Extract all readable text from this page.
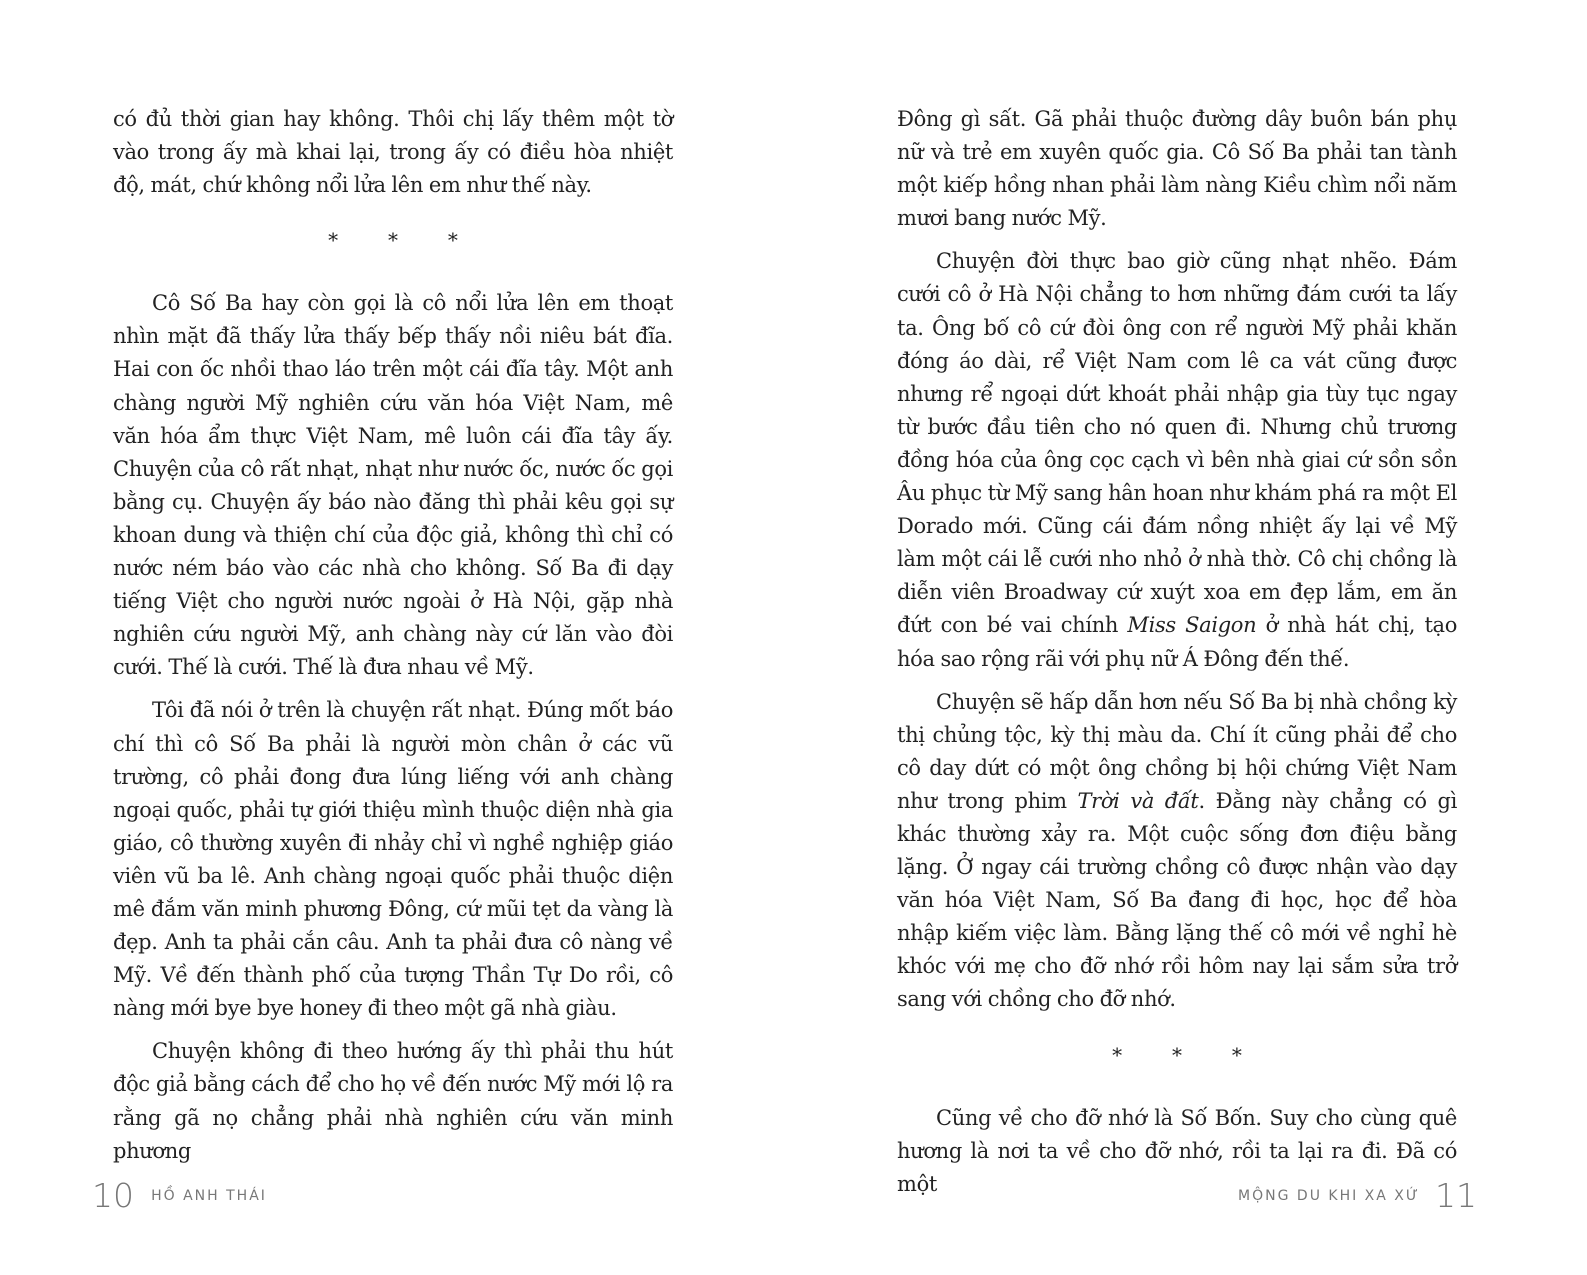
có đủ thời gian hay không. Thôi chị lấy thêm một tờ vào trong ấy mà khai lại, trong ấy có điều hòa nhiệt độ, mát, chứ không nổi lửa lên em như thế này.

* * *

Cô Số Ba hay còn gọi là cô nổi lửa lên em thoạt nhìn mặt đã thấy lửa thấy bếp thấy nồi niêu bát đĩa. Hai con ốc nhồi thao láo trên một cái đĩa tây. Một anh chàng người Mỹ nghiên cứu văn hóa Việt Nam, mê văn hóa ẩm thực Việt Nam, mê luôn cái đĩa tây ấy. Chuyện của cô rất nhạt, nhạt như nước ốc, nước ốc gọi bằng cụ. Chuyện ấy báo nào đăng thì phải kêu gọi sự khoan dung và thiện chí của độc giả, không thì chỉ có nước ném báo vào các nhà cho không. Số Ba đi dạy tiếng Việt cho người nước ngoài ở Hà Nội, gặp nhà nghiên cứu người Mỹ, anh chàng này cứ lăn vào đòi cưới. Thế là cưới. Thế là đưa nhau về Mỹ.

Tôi đã nói ở trên là chuyện rất nhạt. Đúng mốt báo chí thì cô Số Ba phải là người mòn chân ở các vũ trường, cô phải đong đưa lúng liếng với anh chàng ngoại quốc, phải tự giới thiệu mình thuộc diện nhà gia giáo, cô thường xuyên đi nhảy chỉ vì nghề nghiệp giáo viên vũ ba lê. Anh chàng ngoại quốc phải thuộc diện mê đắm văn minh phương Đông, cứ mũi tẹt da vàng là đẹp. Anh ta phải cắn câu. Anh ta phải đưa cô nàng về Mỹ. Về đến thành phố của tượng Thần Tự Do rồi, cô nàng mới bye bye honey đi theo một gã nhà giàu.

Chuyện không đi theo hướng ấy thì phải thu hút độc giả bằng cách để cho họ về đến nước Mỹ mới lộ ra rằng gã nọ chẳng phải nhà nghiên cứu văn minh phương

10 HỒ ANH THÁI

Đông gì sất. Gã phải thuộc đường dây buôn bán phụ nữ và trẻ em xuyên quốc gia. Cô Số Ba phải tan tành một kiếp hồng nhan phải làm nàng Kiều chìm nổi năm mươi bang nước Mỹ.

Chuyện đời thực bao giờ cũng nhạt nhẽo. Đám cưới cô ở Hà Nội chẳng to hơn những đám cưới ta lấy ta. Ông bố cô cứ đòi ông con rể người Mỹ phải khăn đóng áo dài, rể Việt Nam com lê ca vát cũng được nhưng rể ngoại dứt khoát phải nhập gia tùy tục ngay từ bước đầu tiên cho nó quen đi. Nhưng chủ trương đồng hóa của ông cọc cạch vì bên nhà giai cứ sồn sồn Âu phục từ Mỹ sang hân hoan như khám phá ra một El Dorado mới. Cũng cái đám nồng nhiệt ấy lại về Mỹ làm một cái lễ cưới nho nhỏ ở nhà thờ. Cô chị chồng là diễn viên Broadway cứ xuýt xoa em đẹp lắm, em ăn đứt con bé vai chính Miss Saigon ở nhà hát chị, tạo hóa sao rộng rãi với phụ nữ Á Đông đến thế.

Chuyện sẽ hấp dẫn hơn nếu Số Ba bị nhà chồng kỳ thị chủng tộc, kỳ thị màu da. Chí ít cũng phải để cho cô day dứt có một ông chồng bị hội chứng Việt Nam như trong phim Trời và đất. Đằng này chẳng có gì khác thường xảy ra. Một cuộc sống đơn điệu bằng lặng. Ở ngay cái trường chồng cô được nhận vào dạy văn hóa Việt Nam, Số Ba đang đi học, học để hòa nhập kiếm việc làm. Bằng lặng thế cô mới về nghỉ hè khóc với mẹ cho đỡ nhớ rồi hôm nay lại sắm sửa trở sang với chồng cho đỡ nhớ.

* * *

Cũng về cho đỡ nhớ là Số Bốn. Suy cho cùng quê hương là nơi ta về cho đỡ nhớ, rồi ta lại ra đi. Đã có một	MỘNG DU KHI XA XỨ 11
